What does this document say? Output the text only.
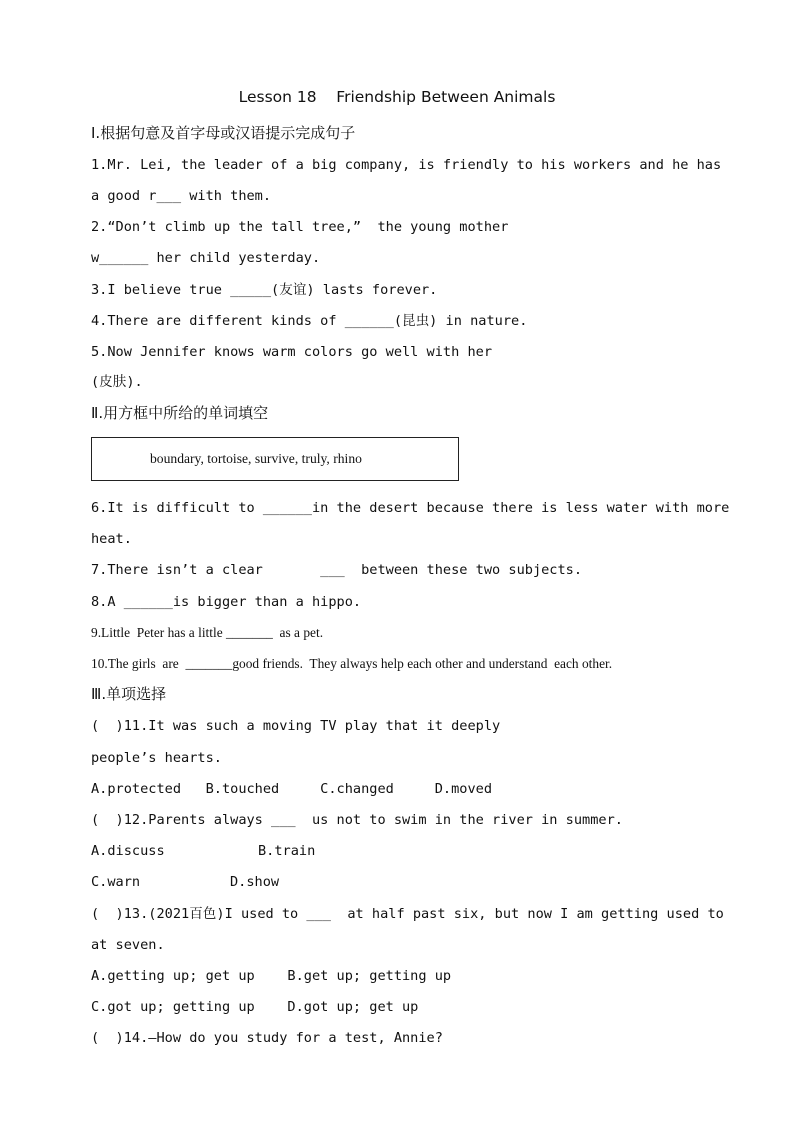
Lesson 18    Friendship Between Animals
Ⅰ.根据句意及首字母或汉语提示完成句子
1.Mr. Lei, the leader of a big company, is friendly to his workers and he has
a good r___ with them.
2.“Don’t climb up the tall tree,”  the young mother
w______ her child yesterday.
3.I believe true _____(友谊) lasts forever.
4.There are different kinds of ______(昆虫) in nature.
5.Now Jennifer knows warm colors go well with her
(皮肤).
Ⅱ.用方框中所给的单词填空
boundary, tortoise, survive, truly, rhino
6.It is difficult to ______in the desert because there is less water with more
heat.
7.There isn’t a clear       ___  between these two subjects.
8.A ______is bigger than a hippo.
9.Little  Peter has a little _______  as a pet.
10.The girls  are  _______good friends.  They always help each other and understand  each other.
Ⅲ.单项选择
(  )11.It was such a moving TV play that it deeply
people’s hearts.
A.protected   B.touched     C.changed     D.moved
(  )12.Parents always ___  us not to swim in the river in summer.
A.discuss	B.train
C.warn	D.show
(  )13.(2021百色)I used to ___  at half past six, but now I am getting used to
at seven.
A.getting up; get up    B.get up; getting up
C.got up; getting up    D.got up; get up
(  )14.—How do you study for a test, Annie?
